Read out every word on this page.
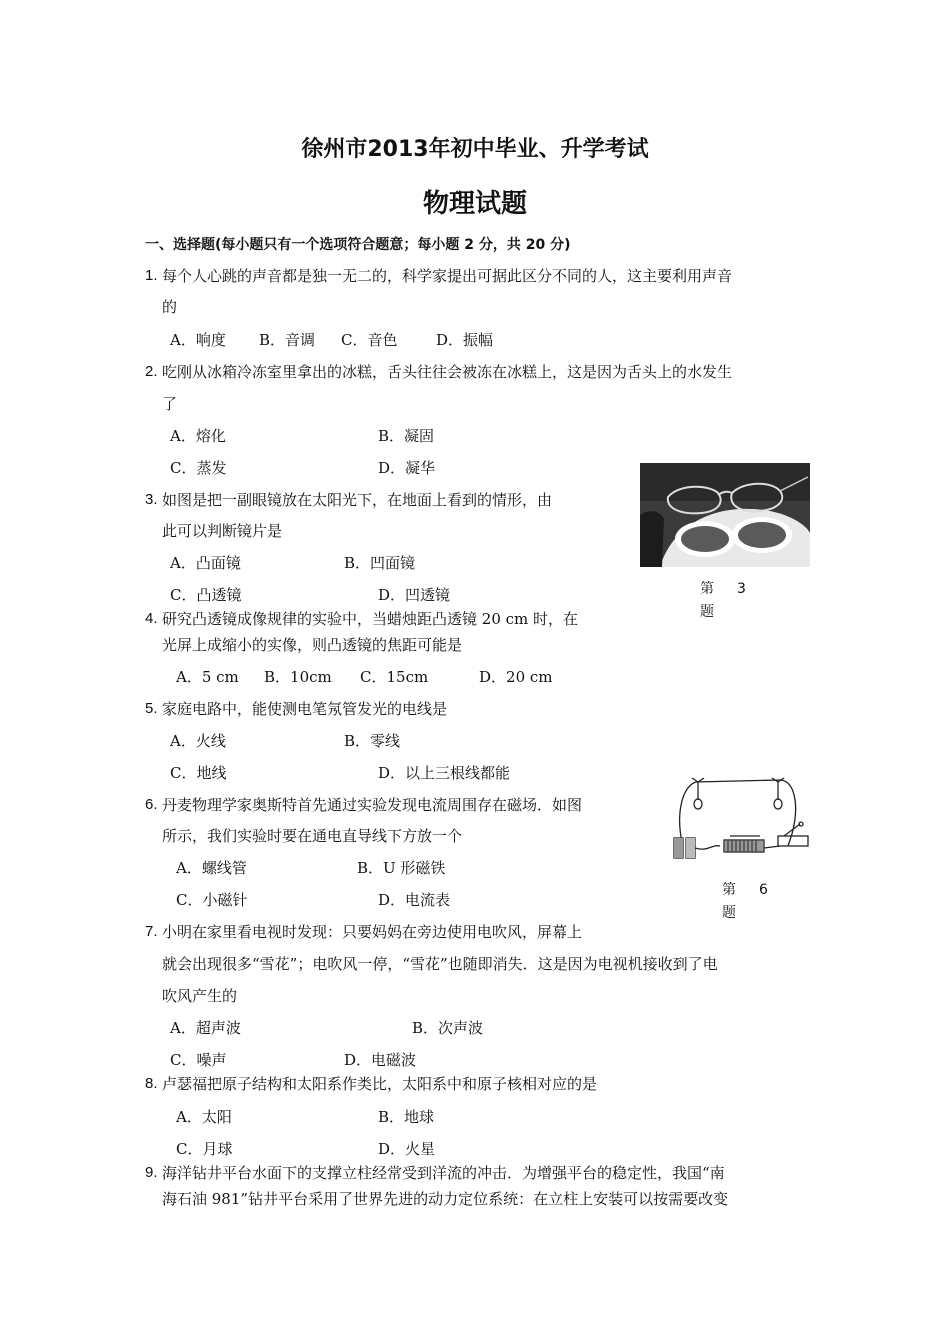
徐州市2013年初中毕业、升学考试
物理试题
一、选择题(每小题只有一个选项符合题意；每小题 2 分，共 20 分)
1. 每个人心跳的声音都是独一无二的，科学家提出可据此区分不同的人，这主要利用声音
的
A．响度 B．音调 C．音色	D．振幅
2. 吃刚从冰箱冷冻室里拿出的冰糕，舌头往往会被冻在冰糕上，这是因为舌头上的水发生
了
A．熔化	B．凝固
C．蒸发	D．凝华
3. 如图是把一副眼镜放在太阳光下，在地面上看到的情形，由
此可以判断镜片是
A．凸面镜	B．凹面镜
C．凸透镜	D．凹透镜
4. 研究凸透镜成像规律的实验中，当蜡烛距凸透镜 20 cm 时，在
光屏上成缩小的实像，则凸透镜的焦距可能是
A．5 cm B．10cm C．15cm	D．20 cm
5. 家庭电路中，能使测电笔氖管发光的电线是
A．火线	B．零线
C．地线	D．以上三根线都能
6. 丹麦物理学家奥斯特首先通过实验发现电流周围存在磁场．如图
所示，我们实验时要在通电直导线下方放一个
A．螺线管	B．U 形磁铁
C．小磁针	D．电流表
7. 小明在家里看电视时发现：只要妈妈在旁边使用电吹风，屏幕上
就会出现很多“雪花”；电吹风一停，“雪花”也随即消失．这是因为电视机接收到了电
吹风产生的
A．超声波	B．次声波
C．噪声	D．电磁波
8. 卢瑟福把原子结构和太阳系作类比，太阳系中和原子核相对应的是
A．太阳	B．地球
C．月球	D．火星
9. 海洋钻井平台水面下的支撑立柱经常受到洋流的冲击．为增强平台的稳定性，我国“南
海石油 981”钻井平台采用了世界先进的动力定位系统：在立柱上安装可以按需要改变
第 3
题
第 6
题
